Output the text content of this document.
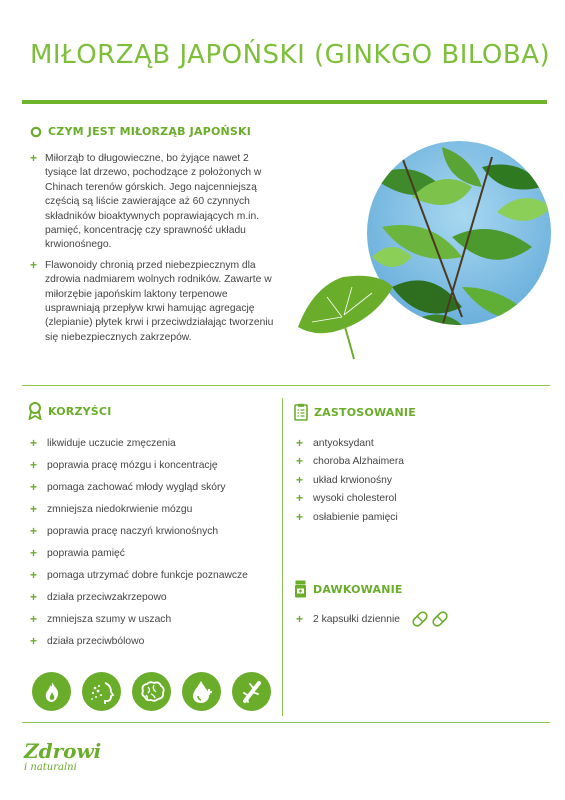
MIŁORZĄB JAPOŃSKI (GINKGO BILOBA)
CZYM JEST MIŁORZĄB JAPOŃSKI
+ Miłorząb to długowieczne, bo żyjące nawet 2 tysiące lat drzewo, pochodzące z położonych w Chinach terenów górskich. Jego najcenniejszą częścią są liście zawierające aż 60 czynnych składników bioaktywnych poprawiających m.in. pamięć, koncentrację czy sprawność układu krwionośnego.
+ Flawonoidy chronią przed niebezpiecznym dla zdrowia nadmiarem wolnych rodników. Zawarte w miłorzębie japońskim laktony terpenowe usprawniają przepływ krwi hamując agregację (zlepianie) płytek krwi i przeciwdziałając tworzeniu się niebezpiecznych zakrzepów.
KORZYŚCI
+ likwiduje uczucie zmęczenia
+ poprawia pracę mózgu i koncentrację
+ pomaga zachować młody wygląd skóry
+ zmniejsza niedokrwienie mózgu
+ poprawia pracę naczyń krwionośnych
+ poprawia pamięć
+ pomaga utrzymać dobre funkcje poznawcze
+ działa przeciwzakrzepowo
+ zmniejsza szumy w uszach
+ działa przeciwbólowo
ZASTOSOWANIE
+ antyoksydant
+ choroba Alzhaimera
+ układ krwionośny
+ wysoki cholesterol
+ osłabienie pamięci
DAWKOWANIE
+ 2 kapsułki dziennie
Zdrowi
i naturalni
